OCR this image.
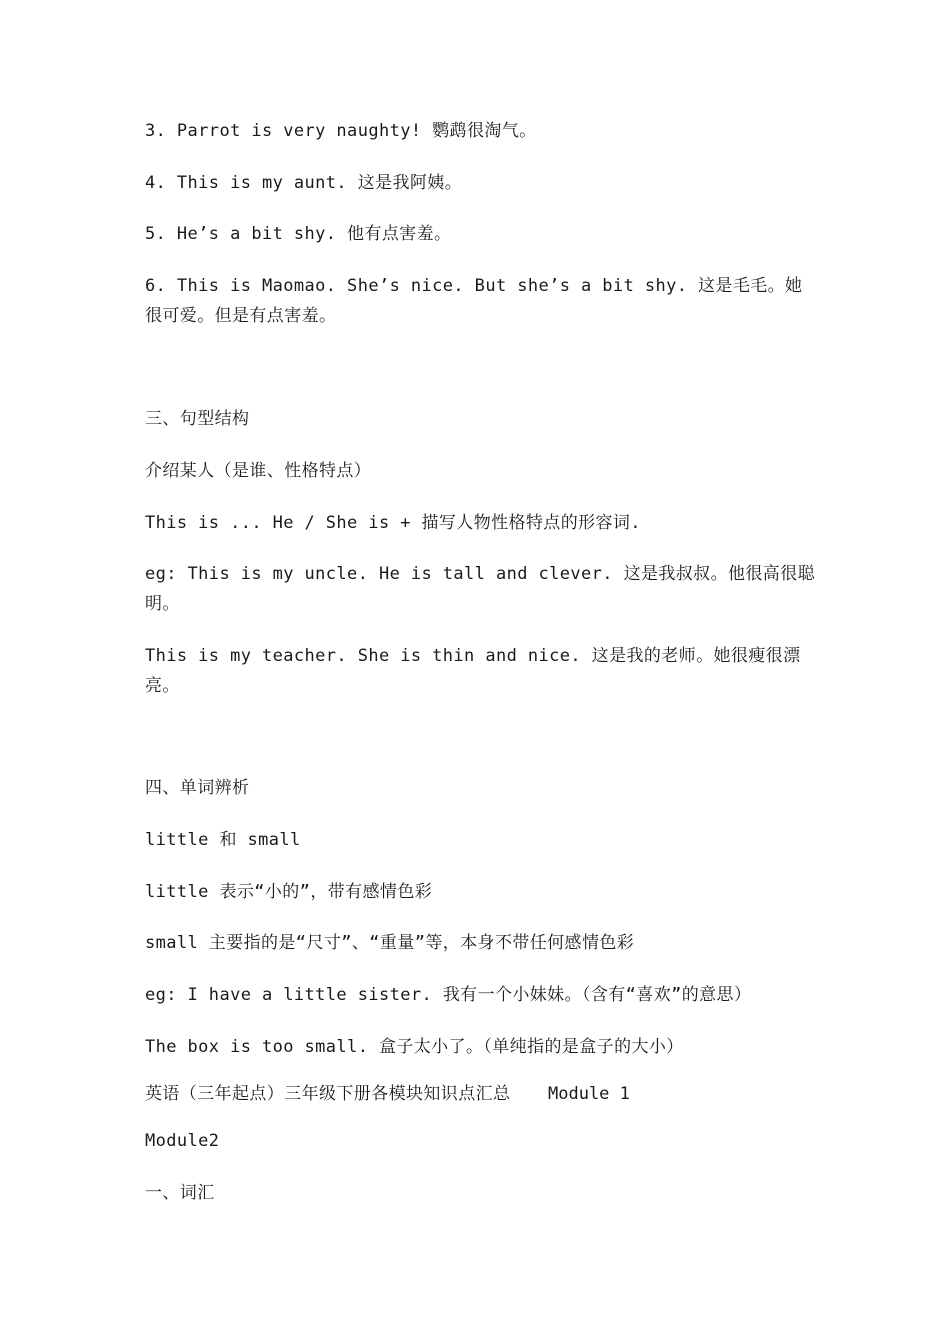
3. Parrot is very naughty! 鹦鹉很淘气。
4. This is my aunt. 这是我阿姨。
5. He’s a bit shy. 他有点害羞。
6. This is Maomao. She’s nice. But she’s a bit shy. 这是毛毛。她很可爱。但是有点害羞。
三、句型结构
介绍某人（是谁、性格特点）
This is ... He / She is + 描写人物性格特点的形容词.
eg: This is my uncle. He is tall and clever. 这是我叔叔。他很高很聪明。
This is my teacher. She is thin and nice. 这是我的老师。她很瘦很漂亮。
四、单词辨析
little 和 small
little 表示“小的”，带有感情色彩
small 主要指的是“尺寸”、“重量”等，本身不带任何感情色彩
eg: I have a little sister. 我有一个小妹妹。（含有“喜欢”的意思）
The box is too small. 盒子太小了。（单纯指的是盒子的大小）
英语（三年起点）三年级下册各模块知识点汇总	Module 1
Module2
一、词汇
